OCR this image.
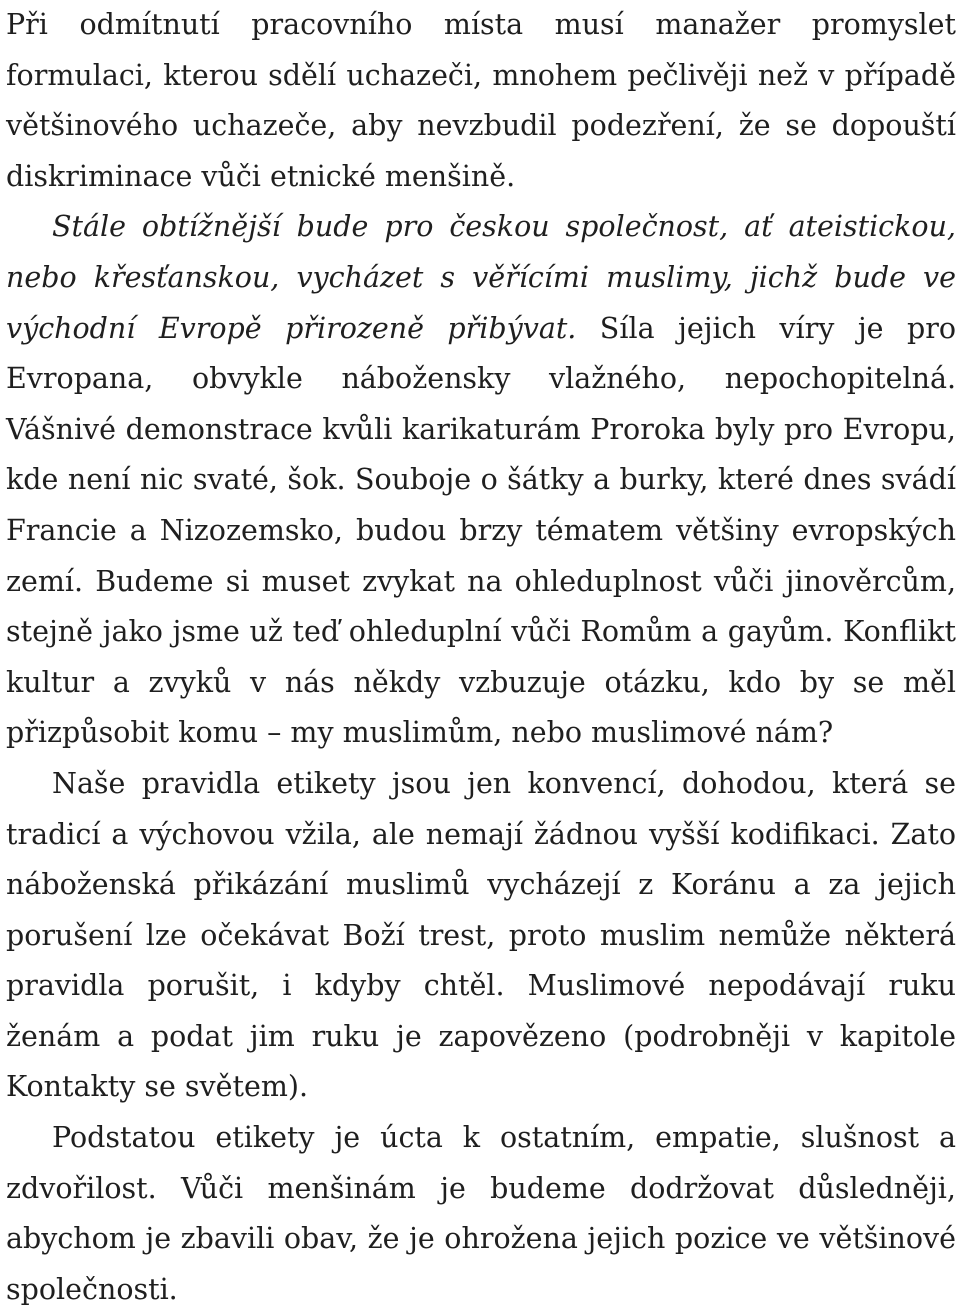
Při odmítnutí pracovního místa musí manažer promyslet formulaci, kterou sdělí uchazeči, mnohem pečlivěji než v případě většinového uchazeče, aby nevzbudil podezření, že se dopouští diskriminace vůči etnické menšině.

Stále obtížnější bude pro českou společnost, ať ateistickou, nebo křesťanskou, vycházet s věřícími muslimy, jichž bude ve východní Evropě přirozeně přibývat. Síla jejich víry je pro Evropana, obvykle nábožensky vlažného, nepochopitelná. Vášnivé demonstrace kvůli karikaturám Proroka byly pro Evropu, kde není nic svaté, šok. Souboje o šátky a burky, které dnes svádí Francie a Nizozemsko, budou brzy tématem většiny evropských zemí. Budeme si muset zvykat na ohleduplnost vůči jinověrcům, stejně jako jsme už teď ohleduplní vůči Romům a gayům. Konflikt kultur a zvyků v nás někdy vzbuzuje otázku, kdo by se měl přizpůsobit komu – my muslimům, nebo muslimové nám?

Naše pravidla etikety jsou jen konvencí, dohodou, která se tradicí a výchovou vžila, ale nemají žádnou vyšší kodifikaci. Zato náboženská přikázání muslimů vycházejí z Koránu a za jejich porušení lze očekávat Boží trest, proto muslim nemůže některá pravidla porušit, i kdyby chtěl. Muslimové nepodávají ruku ženám a podat jim ruku je zapovězeno (podrobněji v kapitole Kontakty se světem).

Podstatou etikety je úcta k ostatním, empatie, slušnost a zdvořilost. Vůči menšinám je budeme dodržovat důsledněji, abychom je zbavili obav, že je ohrožena jejich pozice ve většinové společnosti.
